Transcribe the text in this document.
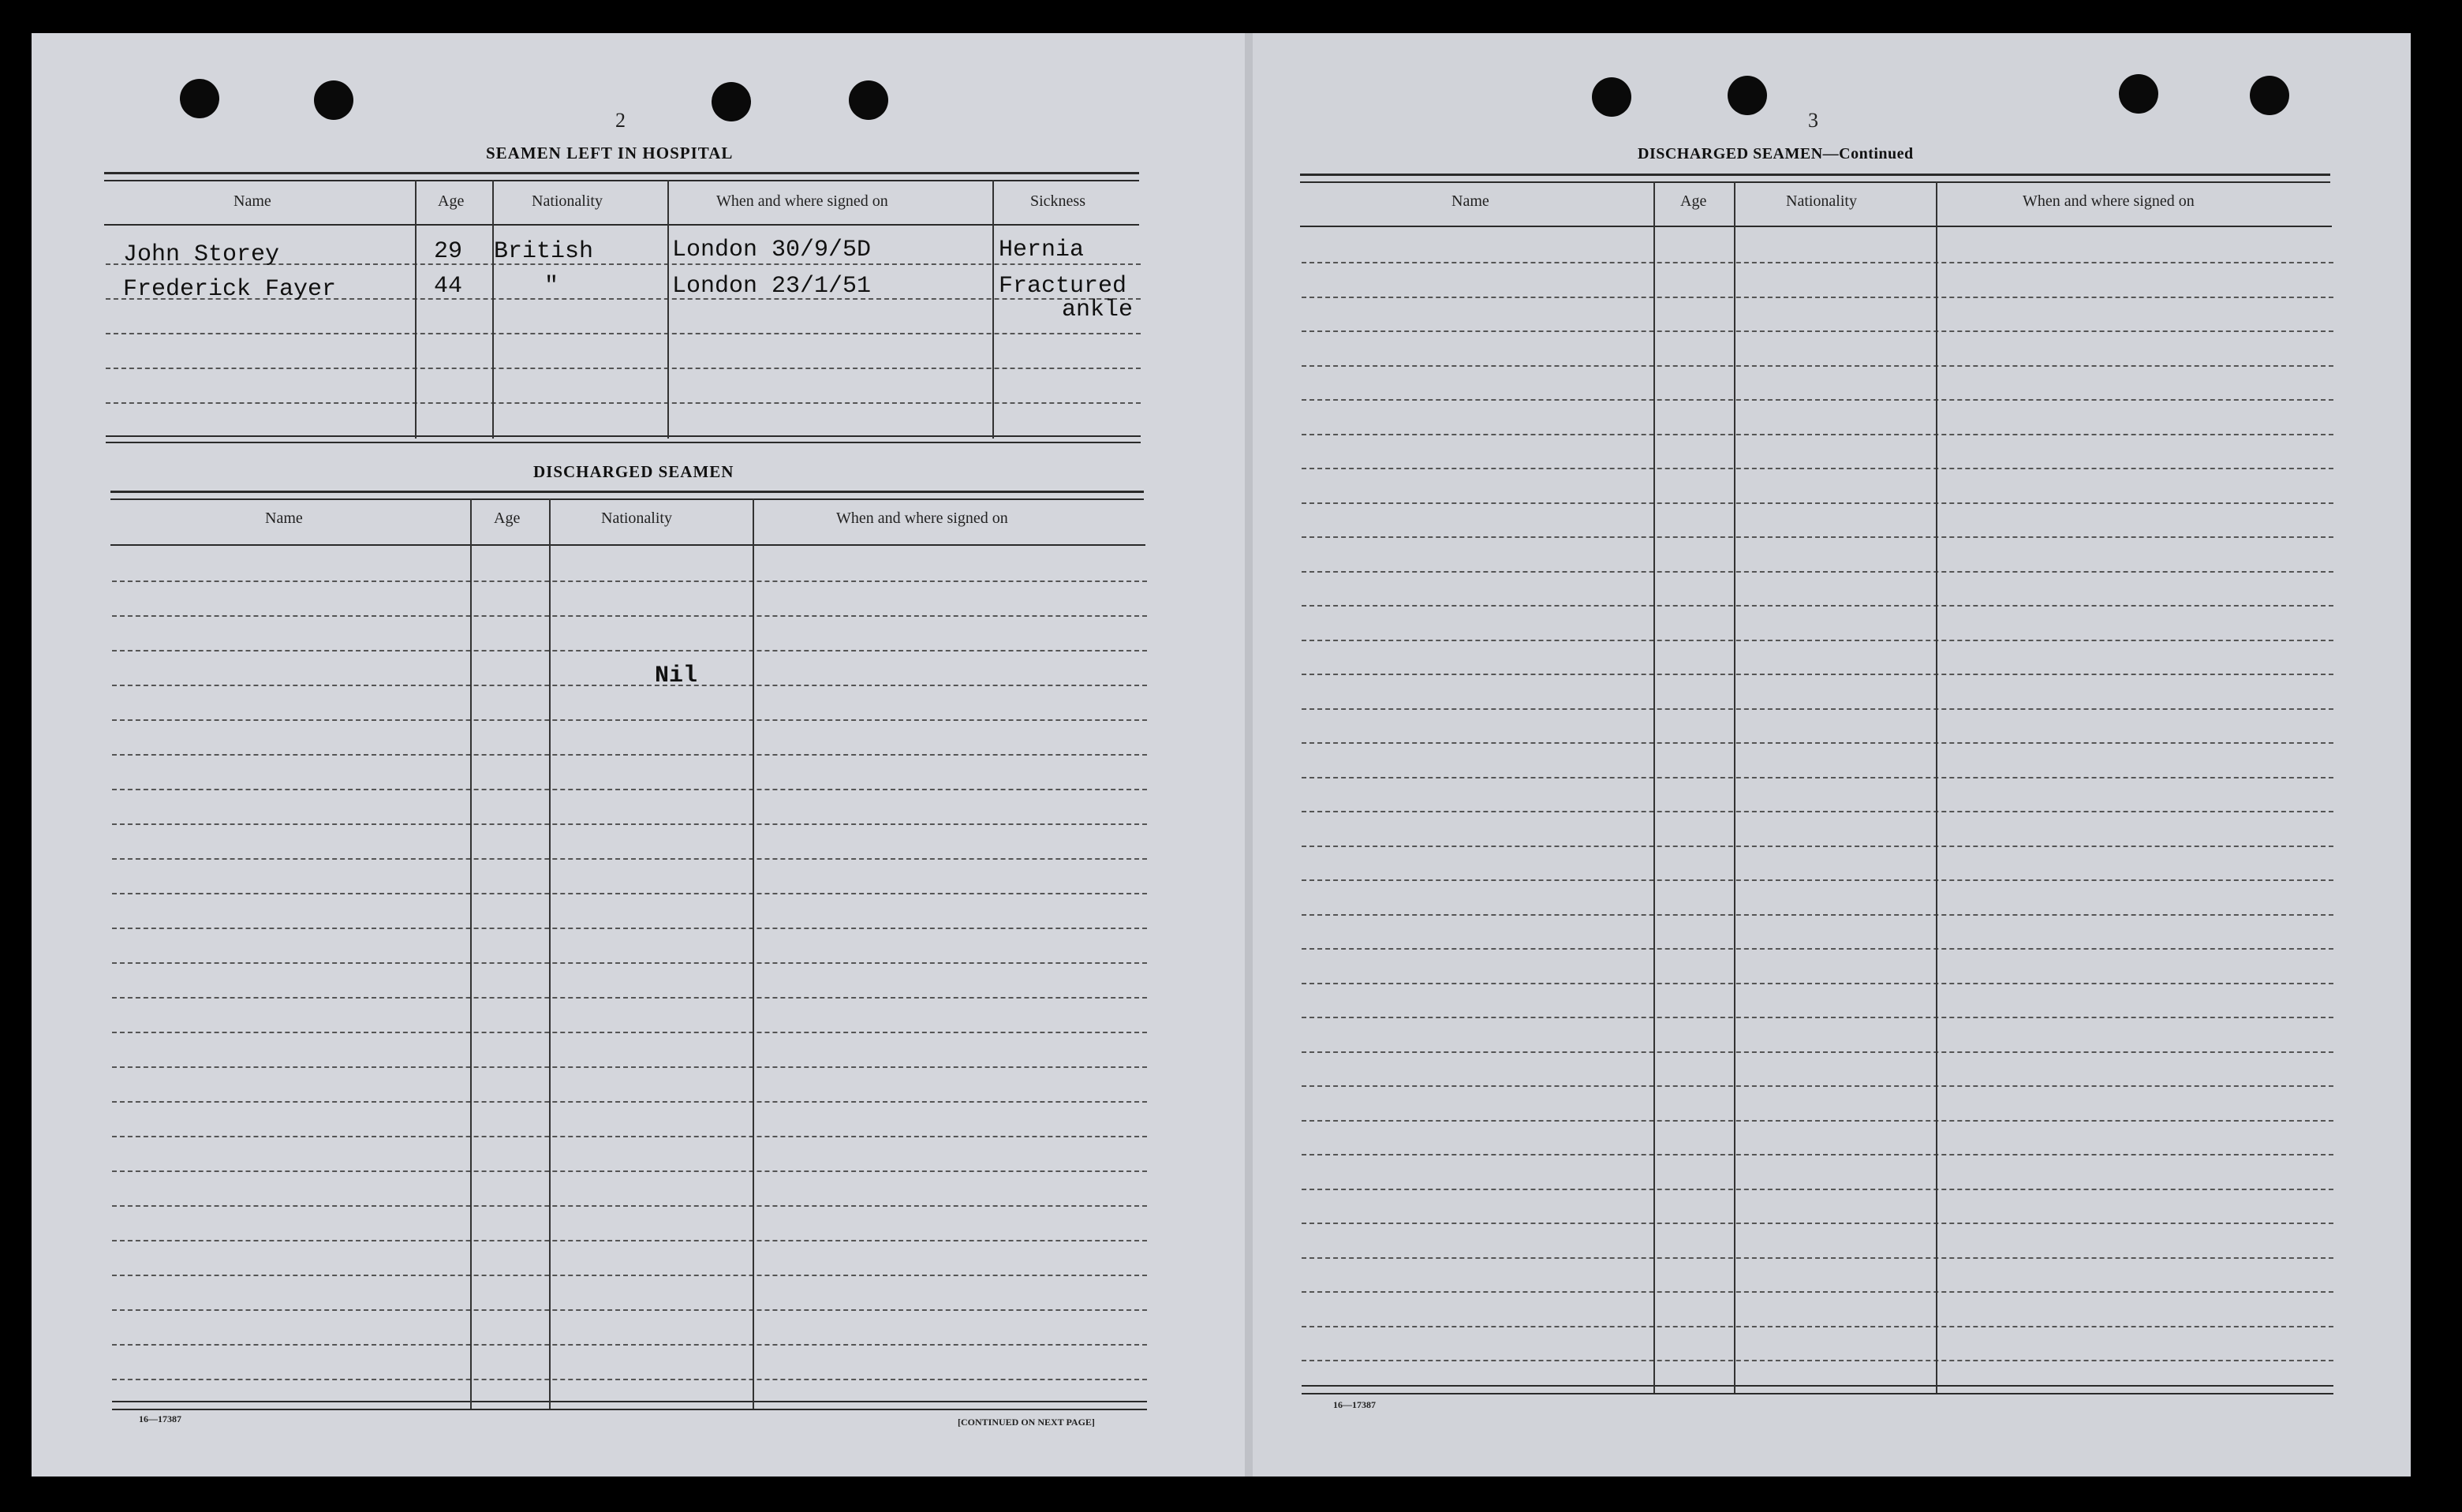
2
SEAMEN LEFT IN HOSPITAL
Name	Age	Nationality	When and where signed on	Sickness
John Storey	29 British	London 30/9/5D	Hernia
Frederick Fayer	44	"	London 23/1/51	Fractured
ankle
DISCHARGED SEAMEN
Name	Age	Nationality	When and where signed on
Nil
16—17387	[CONTINUED ON NEXT PAGE]
3
DISCHARGED SEAMEN—Continued
Name	Age	Nationality	When and where signed on
16—17387
